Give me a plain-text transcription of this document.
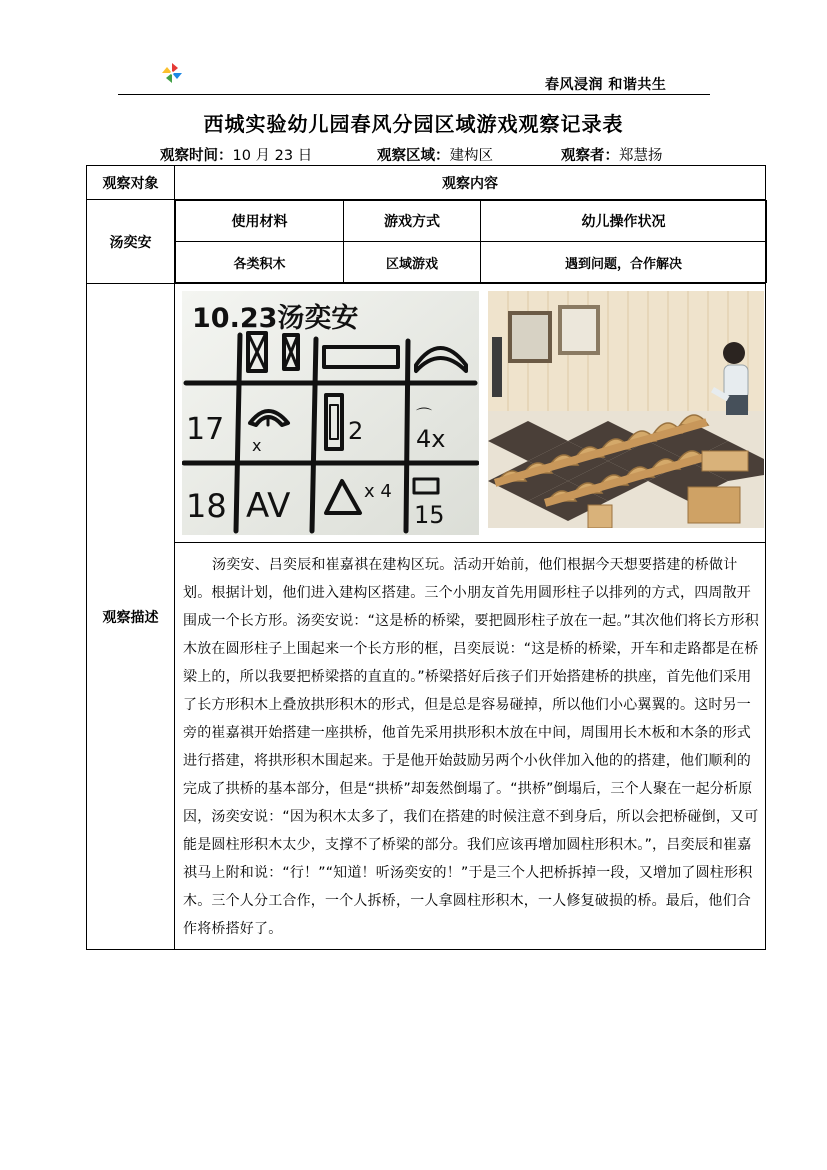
春风浸润 和谐共生
西城实验幼儿园春风分园区域游戏观察记录表
观察时间：10 月 23 日	观察区域：建构区	观察者：郑慧扬
观察对象	观察内容
汤奕安	
使用材料	游戏方式	幼儿操作状况
各类积木	区域游戏	遇到问题，合作解决

观察描述	
10.23汤奕安
17 x
2
⌒
4x
18 AV	x 4
15

汤奕安、吕奕辰和崔嘉祺在建构区玩。活动开始前，他们根据今天想要搭建的桥做计划。根据计划，他们进入建构区搭建。三个小朋友首先用圆形柱子以排列的方式，四周散开围成一个长方形。汤奕安说：“这是桥的桥梁，要把圆形柱子放在一起。”其次他们将长方形积木放在圆形柱子上围起来一个长方形的框，吕奕辰说：“这是桥的桥梁，开车和走路都是在桥梁上的，所以我要把桥梁搭的直直的。”桥梁搭好后孩子们开始搭建桥的拱座，首先他们采用了长方形积木上叠放拱形积木的形式，但是总是容易碰掉，所以他们小心翼翼的。这时另一旁的崔嘉祺开始搭建一座拱桥，他首先采用拱形积木放在中间，周围用长木板和木条的形式进行搭建，将拱形积木围起来。于是他开始鼓励另两个小伙伴加入他的的搭建，他们顺利的完成了拱桥的基本部分，但是“拱桥”却轰然倒塌了。“拱桥”倒塌后，三个人聚在一起分析原因，汤奕安说：“因为积木太多了，我们在搭建的时候注意不到身后，所以会把桥碰倒，又可能是圆柱形积木太少，支撑不了桥梁的部分。我们应该再增加圆柱形积木。”，吕奕辰和崔嘉祺马上附和说：“行！”“知道！听汤奕安的！”于是三个人把桥拆掉一段，又增加了圆柱形积木。三个人分工合作，一个人拆桥，一人拿圆柱形积木，一人修复破损的桥。最后，他们合作将桥搭好了。
